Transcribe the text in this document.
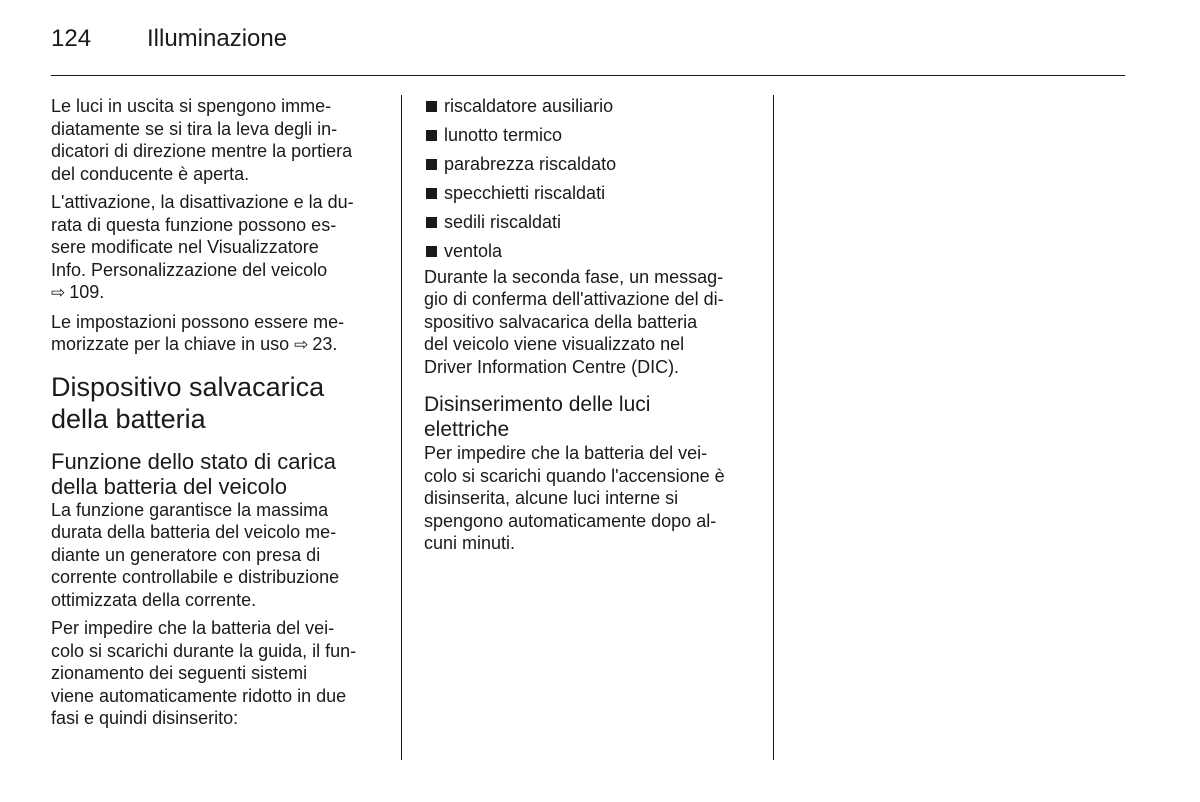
124 Illuminazione
Le luci in uscita si spengono imme-
diatamente se si tira la leva degli in-
dicatori di direzione mentre la portiera
del conducente è aperta.
L'attivazione, la disattivazione e la du-
rata di questa funzione possono es-
sere modificate nel Visualizzatore
Info. Personalizzazione del veicolo
⇨ 109.
Le impostazioni possono essere me-
morizzate per la chiave in uso ⇨ 23.
Dispositivo salvacarica
della batteria
Funzione dello stato di carica
della batteria del veicolo
La funzione garantisce la massima
durata della batteria del veicolo me-
diante un generatore con presa di
corrente controllabile e distribuzione
ottimizzata della corrente.
Per impedire che la batteria del vei-
colo si scarichi durante la guida, il fun-
zionamento dei seguenti sistemi
viene automaticamente ridotto in due
fasi e quindi disinserito:
riscaldatore ausiliario
lunotto termico
parabrezza riscaldato
specchietti riscaldati
sedili riscaldati
ventola
Durante la seconda fase, un messag-
gio di conferma dell'attivazione del di-
spositivo salvacarica della batteria
del veicolo viene visualizzato nel
Driver Information Centre (DIC).
Disinserimento delle luci
elettriche
Per impedire che la batteria del vei-
colo si scarichi quando l'accensione è
disinserita, alcune luci interne si
spengono automaticamente dopo al-
cuni minuti.
